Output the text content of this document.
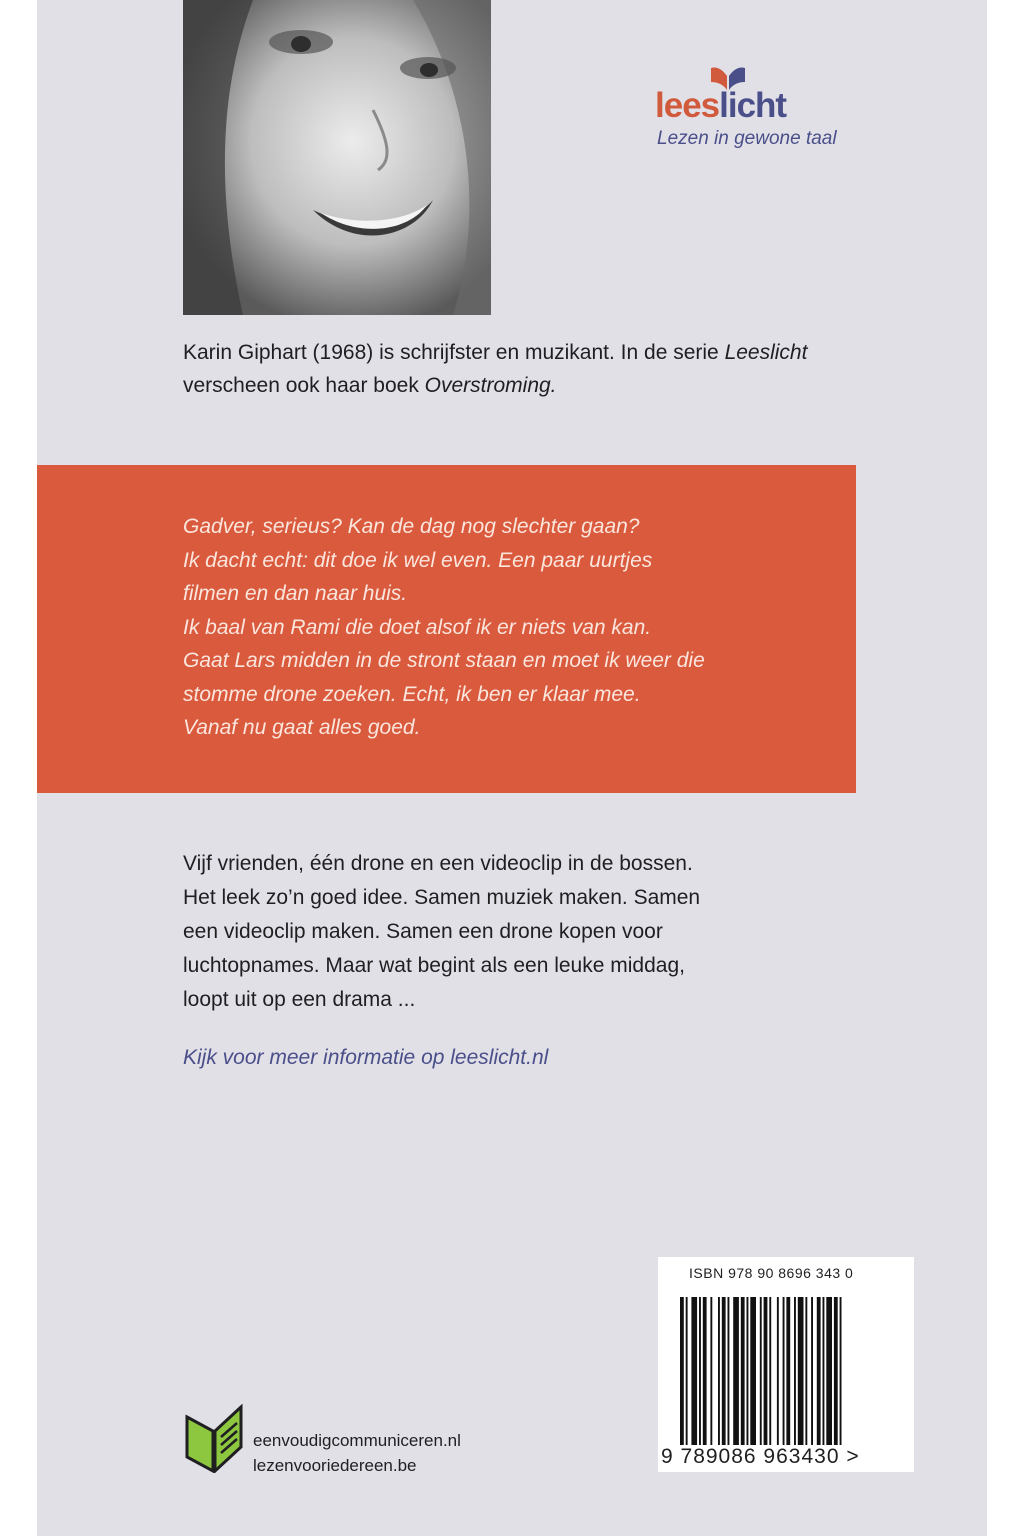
leeslicht
Lezen in gewone taal

Karin Giphart (1968) is schrijfster en muzikant. In de serie Leeslicht verscheen ook haar boek Overstroming.

Gadver, serieus? Kan de dag nog slechter gaan?
Ik dacht echt: dit doe ik wel even. Een paar uurtjes
filmen en dan naar huis.
Ik baal van Rami die doet alsof ik er niets van kan.
Gaat Lars midden in de stront staan en moet ik weer die
stomme drone zoeken. Echt, ik ben er klaar mee.
Vanaf nu gaat alles goed.
Vijf vrienden, één drone en een videoclip in de bossen.
Het leek zo’n goed idee. Samen muziek maken. Samen
een videoclip maken. Samen een drone kopen voor
luchtopnames. Maar wat begint als een leuke middag,
loopt uit op een drama ...
Kijk voor meer informatie op leeslicht.nl
ISBN 978 90 8696 343 0
9 789086 963430 >
eenvoudigcommuniceren.nl
lezenvooriedereen.be
